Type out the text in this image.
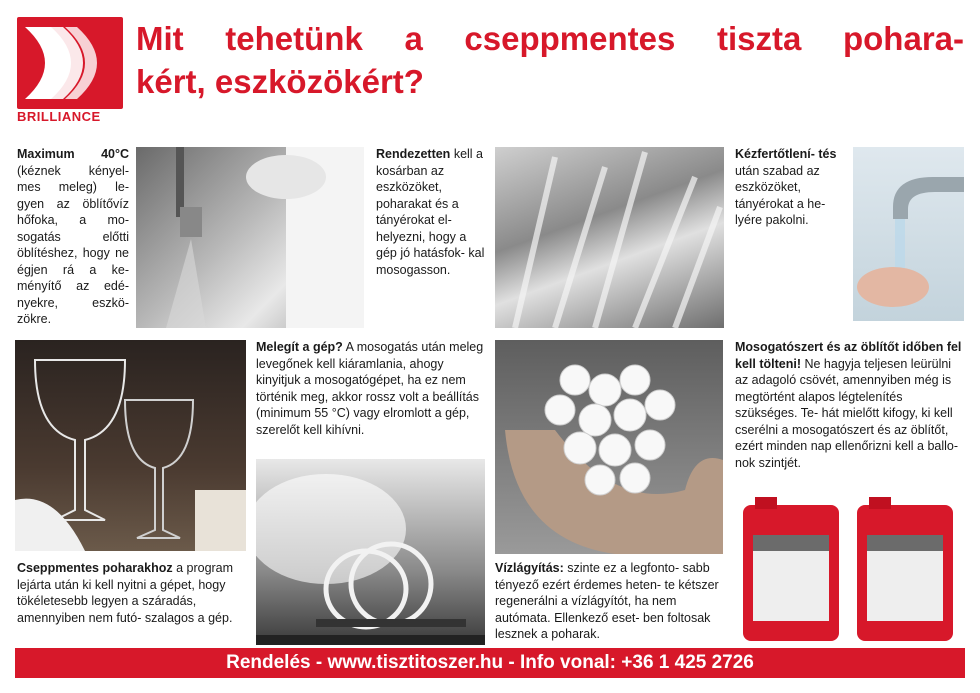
BRILLIANCE
Mit tehetünk a cseppmentes tiszta pohara-
kért, eszközökért?
Maximum 40°C (kéznek kényel- mes meleg) le- gyen az öblítővíz hőfoka, a mo- sogatás előtti öblítéshez, hogy ne égjen rá a ke- ményítő az edé- nyekre, eszkö- zökre.
Rendezetten kell a kosárban az eszközöket, poharakat és a tányérokat el- helyezni, hogy a gép jó hatásfok- kal mosogasson.
Kézfertőtlení- tés után szabad az eszközöket, tányérokat a he- lyére pakolni.
Melegít a gép? A mosogatás után meleg levegőnek kell kiáramlania, ahogy kinyitjuk a mosogatógépet, ha ez nem történik meg, akkor rossz volt a beállítás (minimum 55 °C) vagy elromlott a gép, szerelőt kell kihívni.
Mosogatószert és az öblítőt időben fel kell tölteni! Ne hagyja teljesen leürülni az adagoló csövét, amennyiben még is megtörtént alapos légtelenítés szükséges. Te- hát mielőtt kifogy, ki kell cserélni a mosogatószert és az öblítőt, ezért minden nap ellenőrizni kell a ballo- nok szintjét.
Cseppmentes poharakhoz a program lejárta után ki kell nyitni a gépet, hogy tökéletesebb legyen a száradás, amennyiben nem futó- szalagos a gép.
Vízlágyítás: szinte ez a legfonto- sabb tényező ezért érdemes heten- te kétszer regenerálni a vízlágyítót, ha nem autómata. Ellenkező eset- ben foltosak lesznek a poharak.
Rendelés - www.tisztitoszer.hu - Info vonal: +36 1 425 2726
